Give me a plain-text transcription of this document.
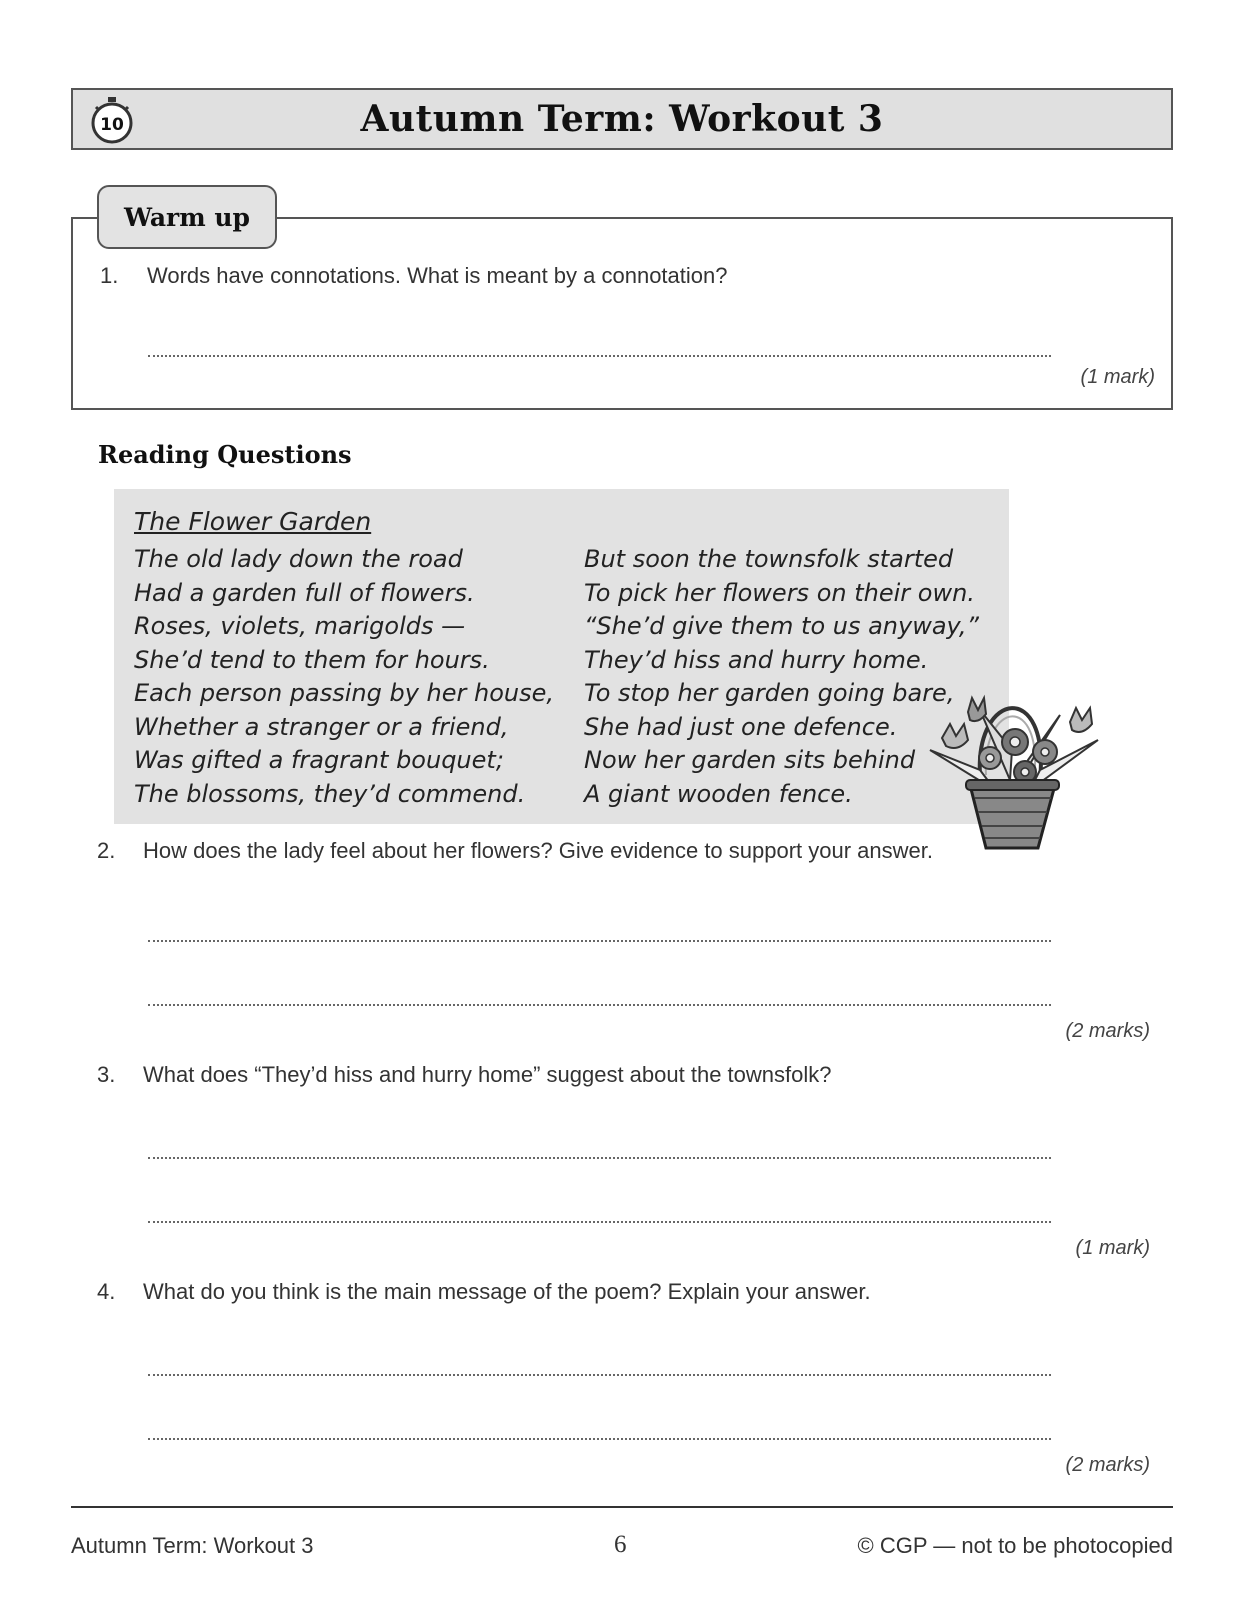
10	Autumn Term: Workout 3
Warm up
1. Words have connotations. What is meant by a connotation?
(1 mark)
Reading Questions
The Flower Garden
The old lady down the road
Had a garden full of flowers.
Roses, violets, marigolds —
She’d tend to them for hours.
Each person passing by her house,
Whether a stranger or a friend,
Was gifted a fragrant bouquet;
The blossoms, they’d commend.
But soon the townsfolk started
To pick her flowers on their own.
“She’d give them to us anyway,”
They’d hiss and hurry home.
To stop her garden going bare,
She had just one defence.
Now her garden sits behind
A giant wooden fence.
2. How does the lady feel about her flowers? Give evidence to support your answer.
(2 marks)
3. What does “They’d hiss and hurry home” suggest about the townsfolk?
(1 mark)
4. What do you think is the main message of the poem? Explain your answer.
(2 marks)
Autumn Term: Workout 3	6	© CGP — not to be photocopied
